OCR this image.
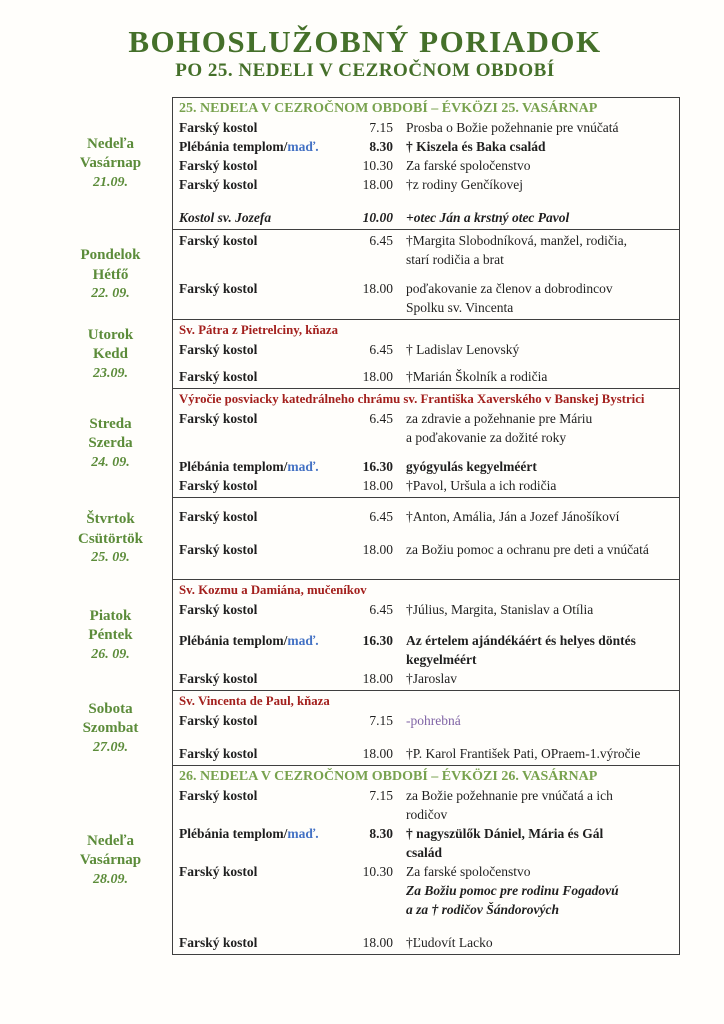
BOHOSLUŽOBNÝ PORIADOK
PO 25. NEDELI V CEZROČNOM OBDOBÍ
Nedeľa
Vasárnap
21.09.
25. NEDEĽA V CEZROČNOM OBDOBÍ – ÉVKÖZI 25. VASÁRNAP
Farský kostol	7.15 Prosba o Božie požehnanie pre vnúčatá
Plébánia templom/maď.	8.30 † Kiszela és Baka család
Farský kostol	10.30 Za farské spoločenstvo
Farský kostol	18.00 †z rodiny Genčíkovej
Kostol sv. Jozefa	10.00 +otec Ján a krstný otec Pavol
Pondelok
Hétfő
22. 09.
Farský kostol	6.45 †Margita Slobodníková, manžel, rodičia,
starí rodičia a brat
Farský kostol	18.00 poďakovanie za členov a dobrodincov
Spolku sv. Vincenta
Utorok
Kedd
23.09.
Sv. Pátra z Pietrelciny, kňaza
Farský kostol	6.45 † Ladislav Lenovský
Farský kostol	18.00 †Marián Školník a rodičia
Streda
Szerda
24. 09.
Výročie posviacky katedrálneho chrámu sv. Františka Xaverského v Banskej Bystrici
Farský kostol	6.45 za zdravie a požehnanie pre Máriu
a poďakovanie za dožité roky
Plébánia templom/maď.	16.30 gyógyulás kegyelméért
Farský kostol	18.00 †Pavol, Uršula a ich rodičia
Štvrtok
Csütörtök
25. 09.
Farský kostol	6.45 †Anton, Amália, Ján a Jozef Jánošíkoví
Farský kostol	18.00 za Božiu pomoc a ochranu pre deti a vnúčatá
Piatok
Péntek
26. 09.
Sv. Kozmu a Damiána, mučeníkov
Farský kostol	6.45 †Július, Margita, Stanislav a Otília
Plébánia templom/maď.	16.30 Az értelem ajándékáért és helyes döntés
kegyelméért
Farský kostol	18.00 †Jaroslav
Sobota
Szombat
27.09.
Sv. Vincenta de Paul, kňaza
Farský kostol	7.15 -pohrebná
Farský kostol	18.00 †P. Karol František Pati, OPraem-1.výročie
Nedeľa
Vasárnap
28.09.
26. NEDEĽA V CEZROČNOM OBDOBÍ – ÉVKÖZI 26. VASÁRNAP
Farský kostol	7.15 za Božie požehnanie pre vnúčatá a ich
rodičov
Plébánia templom/maď.	8.30 † nagyszülők Dániel, Mária és Gál
család
Farský kostol	10.30 Za farské spoločenstvo
Za Božiu pomoc pre rodinu Fogadovú
a za † rodičov Šándorových
Farský kostol	18.00 †Ľudovít Lacko
